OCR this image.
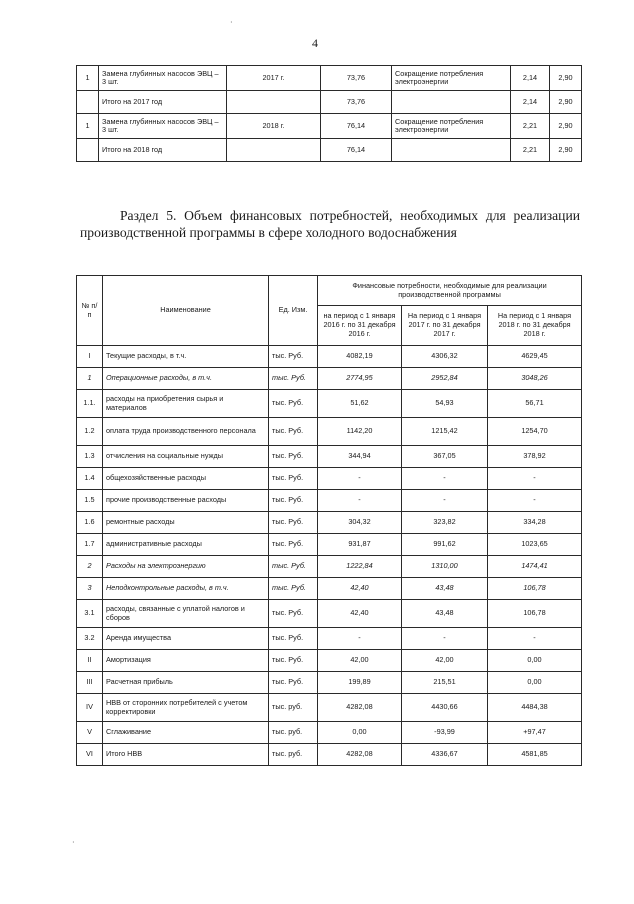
4
·
·
1	Замена глубинных насосов ЭВЦ – 3 шт.	2017 г.	73,76	Сокращение потребления электроэнергии	2,14	2,90
	Итого на 2017 год		73,76		2,14	2,90
1	Замена глубинных насосов ЭВЦ – 3 шт.	2018 г.	76,14	Сокращение потребления электроэнергии	2,21	2,90
	Итого на 2018 год		76,14		2,21	2,90
Раздел 5. Объем финансовых потребностей, необходимых для реализации
производственной программы в сфере холодного водоснабжения
№ п/п	Наименование	Ед. Изм.	Финансовые потребности, необходимые для реализации производственной программы		
			на период с 1 января 2016 г. по 31 декабря 2016 г.	На период с 1 января 2017 г. по 31 декабря 2017 г.	На период с 1 января 2018 г. по 31 декабря 2018 г.
I	Текущие расходы, в т.ч.	тыс. Руб.	4082,19	4306,32	4629,45
1	Операционные расходы, в т.ч.	тыс. Руб.	2774,95	2952,84	3048,26
1.1.	расходы на приобретения сырья и материалов	тыс. Руб.	51,62	54,93	56,71
1.2	оплата труда производственного персонала	тыс. Руб.	1142,20	1215,42	1254,70
1.3	отчисления на социальные нужды	тыс. Руб.	344,94	367,05	378,92
1.4	общехозяйственные расходы	тыс. Руб.	-	-	-
1.5	прочие производственные расходы	тыс. Руб.	-	-	-
1.6	ремонтные расходы	тыс. Руб.	304,32	323,82	334,28
1.7	административные расходы	тыс. Руб.	931,87	991,62	1023,65
2	Расходы на электроэнергию	тыс. Руб.	1222,84	1310,00	1474,41
3	Неподконтрольные расходы, в т.ч.	тыс. Руб.	42,40	43,48	106,78
3.1	расходы, связанные с уплатой налогов и сборов	тыс. Руб.	42,40	43,48	106,78
3.2	Аренда имущества	тыс. Руб.	-	-	-
II	Амортизация	тыс. Руб.	42,00	42,00	0,00
III	Расчетная прибыль	тыс. Руб.	199,89	215,51	0,00
IV	НВВ от сторонних потребителей с учетом корректировки	тыс. руб.	4282,08	4430,66	4484,38
V	Сглаживание	тыс. руб.	0,00	-93,99	+97,47
VI	Итого НВВ	тыс. руб.	4282,08	4336,67	4581,85
